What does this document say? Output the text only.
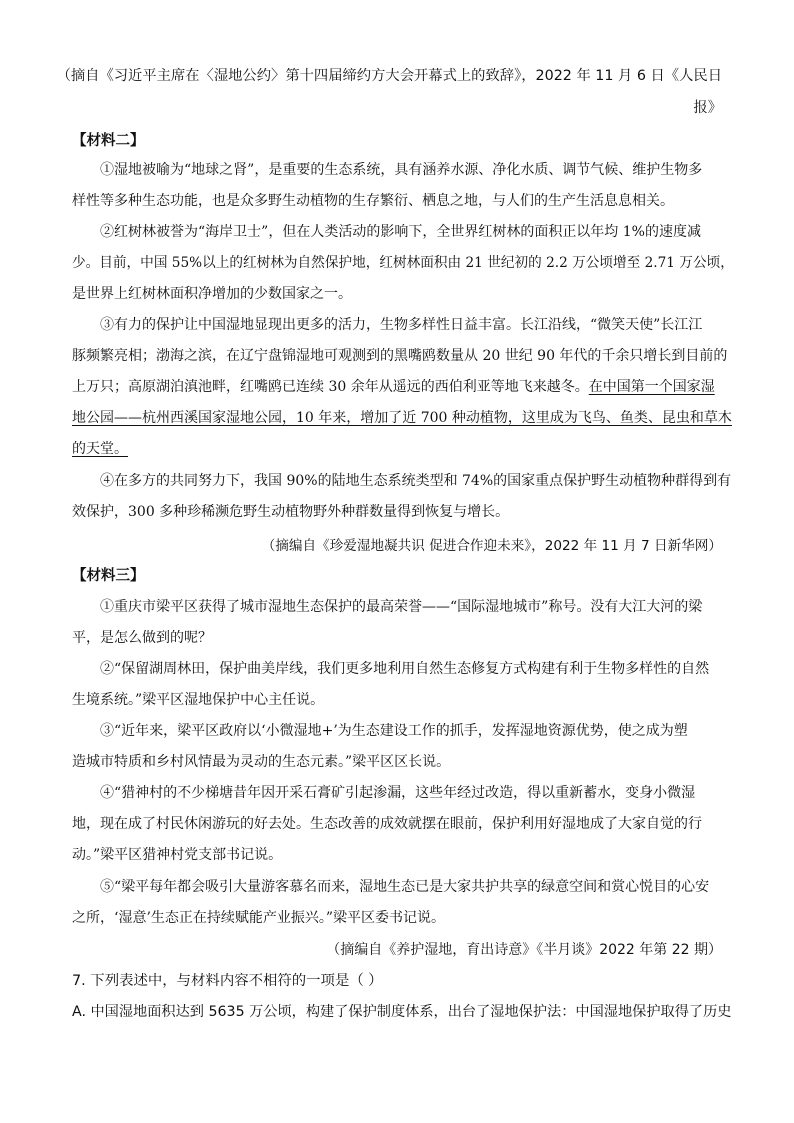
（摘自《习近平主席在〈湿地公约〉第十四届缔约方大会开幕式上的致辞》，2022 年 11 月 6 日《人民日
报》
【材料二】
①湿地被喻为“地球之肾”，是重要的生态系统，具有涵养水源、净化水质、调节气候、维护生物多
样性等多种生态功能，也是众多野生动植物的生存繁衍、栖息之地，与人们的生产生活息息相关。
②红树林被誉为“海岸卫士”，但在人类活动的影响下，全世界红树林的面积正以年均 1%的速度减
少。目前，中国 55%以上的红树林为自然保护地，红树林面积由 21 世纪初的 2.2 万公顷增至 2.71 万公顷，
是世界上红树林面积净增加的少数国家之一。
③有力的保护让中国湿地显现出更多的活力，生物多样性日益丰富。长江沿线，“微笑天使”长江江
豚频繁亮相；渤海之滨，在辽宁盘锦湿地可观测到的黑嘴鸥数量从 20 世纪 90 年代的千余只增长到目前的
上万只；高原湖泊滇池畔，红嘴鸥已连续 30 余年从遥远的西伯利亚等地飞来越冬。在中国第一个国家湿
地公园——杭州西溪国家湿地公园，10 年来，增加了近 700 种动植物，这里成为飞鸟、鱼类、昆虫和草木
的天堂。
④在多方的共同努力下，我国 90%的陆地生态系统类型和 74%的国家重点保护野生动植物种群得到有
效保护，300 多种珍稀濒危野生动植物野外种群数量得到恢复与增长。
（摘编自《珍爱湿地凝共识 促进合作迎未来》，2022 年 11 月 7 日新华网）
【材料三】
①重庆市梁平区获得了城市湿地生态保护的最高荣誉——“国际湿地城市”称号。没有大江大河的梁
平，是怎么做到的呢？
②“保留湖周林田，保护曲美岸线，我们更多地利用自然生态修复方式构建有利于生物多样性的自然
生境系统。”梁平区湿地保护中心主任说。
③“近年来，梁平区政府以‘小微湿地+’为生态建设工作的抓手，发挥湿地资源优势，使之成为塑
造城市特质和乡村风情最为灵动的生态元素。”梁平区区长说。
④“猎神村的不少梯塘昔年因开采石膏矿引起渗漏，这些年经过改造，得以重新蓄水，变身小微湿
地，现在成了村民休闲游玩的好去处。生态改善的成效就摆在眼前，保护利用好湿地成了大家自觉的行
动。”梁平区猎神村党支部书记说。
⑤“梁平每年都会吸引大量游客慕名而来，湿地生态已是大家共护共享的绿意空间和赏心悦目的心安
之所，‘湿意’生态正在持续赋能产业振兴。”梁平区委书记说。
（摘编自《养护湿地，育出诗意》《半月谈》2022 年第 22 期）
7. 下列表述中，与材料内容不相符的一项是（ ）
A. 中国湿地面积达到 5635 万公顷，构建了保护制度体系，出台了湿地保护法：中国湿地保护取得了历史
